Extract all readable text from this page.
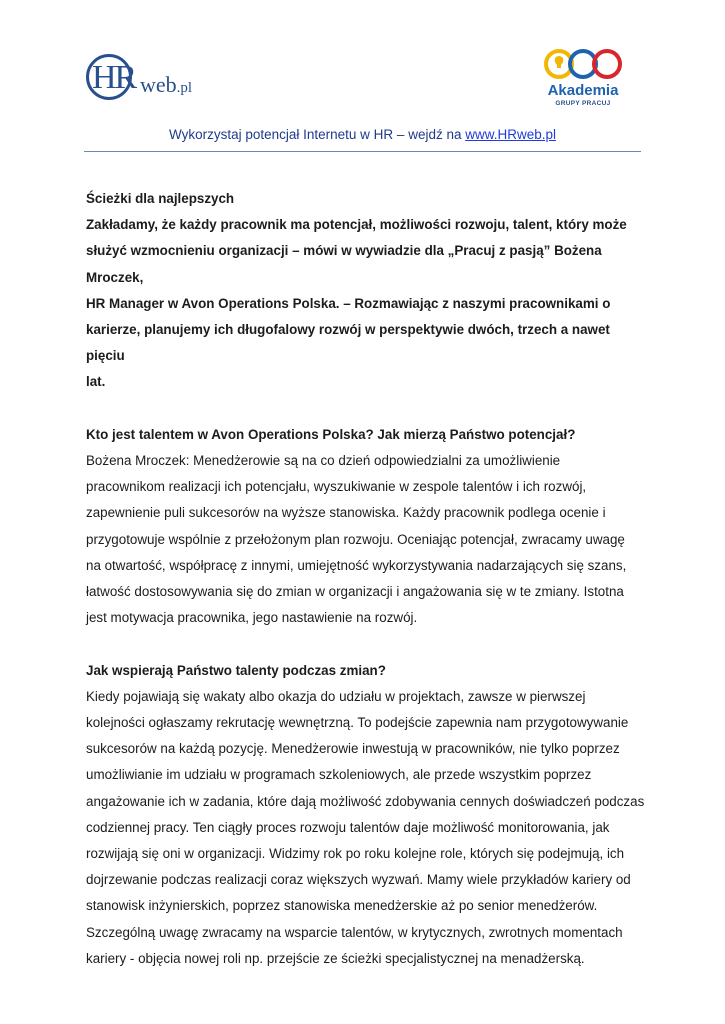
HR web.pl	Akademia
GRUPY PRACUJ
Wykorzystaj potencjał Internetu w HR – wejdź na www.HRweb.pl

Ścieżki dla najlepszych

Zakładamy, że każdy pracownik ma potencjał, możliwości rozwoju, talent, który może

służyć wzmocnieniu organizacji – mówi w wywiadzie dla „Pracuj z pasją” Bożena Mroczek,

HR Manager w Avon Operations Polska. – Rozmawiając z naszymi pracownikami o

karierze, planujemy ich długofalowy rozwój w perspektywie dwóch, trzech a nawet pięciu

lat.

Kto jest talentem w Avon Operations Polska? Jak mierzą Państwo potencjał?

Bożena Mroczek: Menedżerowie są na co dzień odpowiedzialni za umożliwienie

pracownikom realizacji ich potencjału, wyszukiwanie w zespole talentów i ich rozwój,

zapewnienie puli sukcesorów na wyższe stanowiska. Każdy pracownik podlega ocenie i

przygotowuje wspólnie z przełożonym plan rozwoju. Oceniając potencjał, zwracamy uwagę

na otwartość, współpracę z innymi, umiejętność wykorzystywania nadarzających się szans,

łatwość dostosowywania się do zmian w organizacji i angażowania się w te zmiany. Istotna

jest motywacja pracownika, jego nastawienie na rozwój.

Jak wspierają Państwo talenty podczas zmian?

Kiedy pojawiają się wakaty albo okazja do udziału w projektach, zawsze w pierwszej

kolejności ogłaszamy rekrutację wewnętrzną. To podejście zapewnia nam przygotowywanie

sukcesorów na każdą pozycję. Menedżerowie inwestują w pracowników, nie tylko poprzez

umożliwianie im udziału w programach szkoleniowych, ale przede wszystkim poprzez

angażowanie ich w zadania, które dają możliwość zdobywania cennych doświadczeń podczas

codziennej pracy. Ten ciągły proces rozwoju talentów daje możliwość monitorowania, jak

rozwijają się oni w organizacji. Widzimy rok po roku kolejne role, których się podejmują, ich

dojrzewanie podczas realizacji coraz większych wyzwań. Mamy wiele przykładów kariery od

stanowisk inżynierskich, poprzez stanowiska menedżerskie aż po senior menedżerów.

Szczególną uwagę zwracamy na wsparcie talentów, w krytycznych, zwrotnych momentach

kariery - objęcia nowej roli np. przejście ze ścieżki specjalistycznej na menadżerską.
